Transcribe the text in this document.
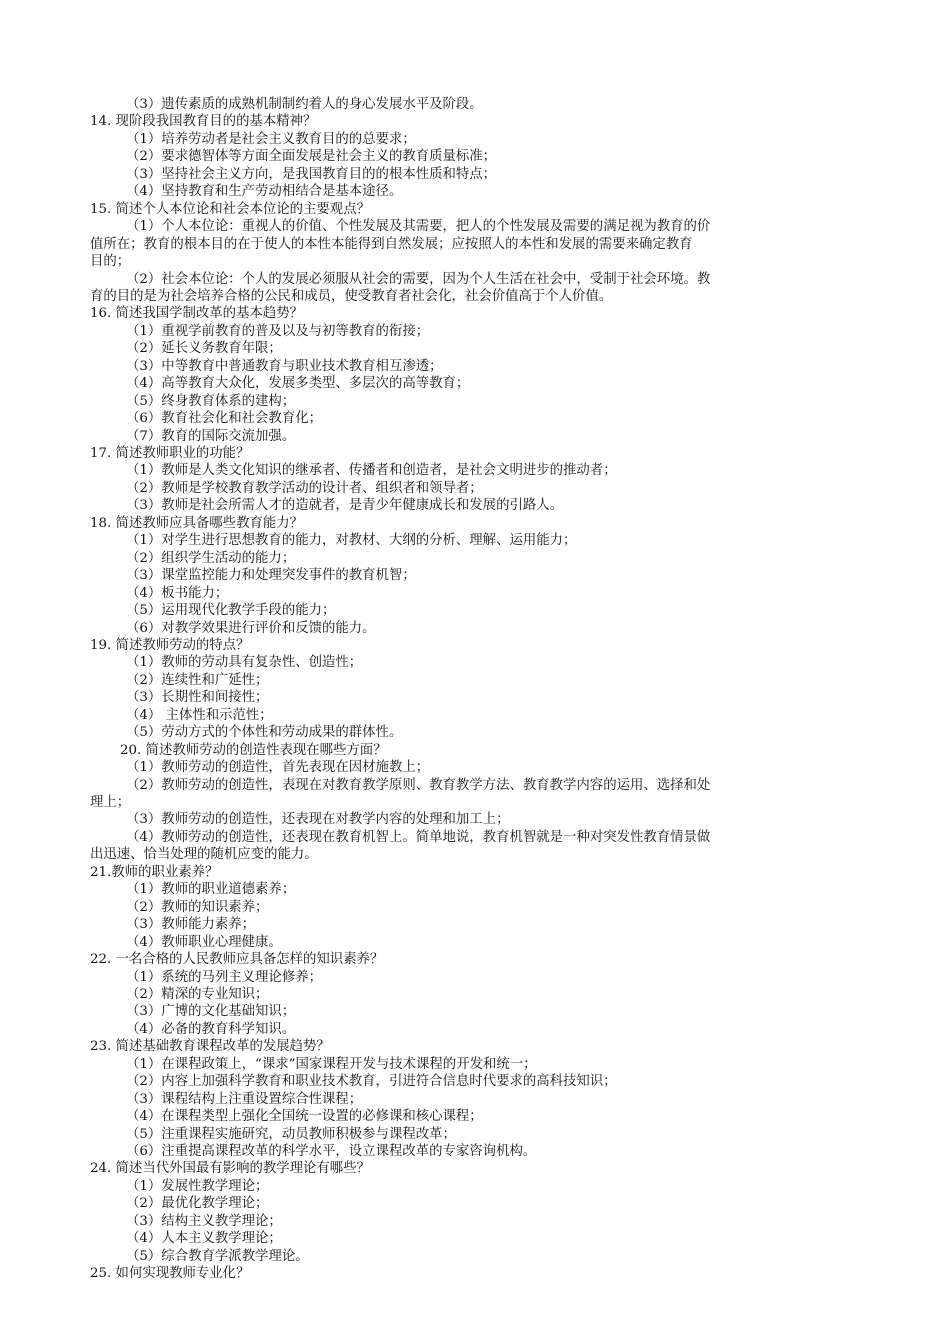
（3）遗传素质的成熟机制制约着人的身心发展水平及阶段。
14. 现阶段我国教育目的的基本精神？
（1）培养劳动者是社会主义教育目的的总要求；
（2）要求德智体等方面全面发展是社会主义的教育质量标准；
（3）坚持社会主义方向，是我国教育目的的根本性质和特点；
（4）坚持教育和生产劳动相结合是基本途径。
15. 简述个人本位论和社会本位论的主要观点？
（1）个人本位论：重视人的价值、个性发展及其需要，把人的个性发展及需要的满足视为教育的价
值所在；教育的根本目的在于使人的本性本能得到自然发展；应按照人的本性和发展的需要来确定教育
目的；
（2）社会本位论：个人的发展必须服从社会的需要，因为个人生活在社会中，受制于社会环境。教
育的目的是为社会培养合格的公民和成员，使受教育者社会化，社会价值高于个人价值。
16. 简述我国学制改革的基本趋势？
（1）重视学前教育的普及以及与初等教育的衔接；
（2）延长义务教育年限；
（3）中等教育中普通教育与职业技术教育相互渗透；
（4）高等教育大众化，发展多类型、多层次的高等教育；
（5）终身教育体系的建构；
（6）教育社会化和社会教育化；
（7）教育的国际交流加强。
17. 简述教师职业的功能？
（1）教师是人类文化知识的继承者、传播者和创造者，是社会文明进步的推动者；
（2）教师是学校教育教学活动的设计者、组织者和领导者；
（3）教师是社会所需人才的造就者，是青少年健康成长和发展的引路人。
18. 简述教师应具备哪些教育能力？
（1）对学生进行思想教育的能力，对教材、大纲的分析、理解、运用能力；
（2）组织学生活动的能力；
（3）课堂监控能力和处理突发事件的教育机智；
（4）板书能力；
（5）运用现代化教学手段的能力；
（6）对教学效果进行评价和反馈的能力。
19. 简述教师劳动的特点？
（1）教师的劳动具有复杂性、创造性；
（2）连续性和广延性；
（3）长期性和间接性；
（4） 主体性和示范性；
（5）劳动方式的个体性和劳动成果的群体性。
20. 简述教师劳动的创造性表现在哪些方面？
（1）教师劳动的创造性，首先表现在因材施教上；
（2）教师劳动的创造性，表现在对教育教学原则、教育教学方法、教育教学内容的运用、选择和处
理上；
（3）教师劳动的创造性，还表现在对教学内容的处理和加工上；
（4）教师劳动的创造性，还表现在教育机智上。简单地说，教育机智就是一种对突发性教育情景做
出迅速、恰当处理的随机应变的能力。
21.教师的职业素养？
（1）教师的职业道德素养；
（2）教师的知识素养；
（3）教师能力素养；
（4）教师职业心理健康。
22. 一名合格的人民教师应具备怎样的知识素养？
（1）系统的马列主义理论修养；
（2）精深的专业知识；
（3）广博的文化基础知识；
（4）必备的教育科学知识。
23. 简述基础教育课程改革的发展趋势？
（1）在课程政策上，“课求”国家课程开发与技术课程的开发和统一；
（2）内容上加强科学教育和职业技术教育，引进符合信息时代要求的高科技知识；
（3）课程结构上注重设置综合性课程；
（4）在课程类型上强化全国统一设置的必修课和核心课程；
（5）注重课程实施研究，动员教师积极参与课程改革；
（6）注重提高课程改革的科学水平，设立课程改革的专家咨询机构。
24. 简述当代外国最有影响的教学理论有哪些？
（1）发展性教学理论；
（2）最优化教学理论；
（3）结构主义教学理论；
（4）人本主义教学理论；
（5）综合教育学派教学理论。
25. 如何实现教师专业化？
